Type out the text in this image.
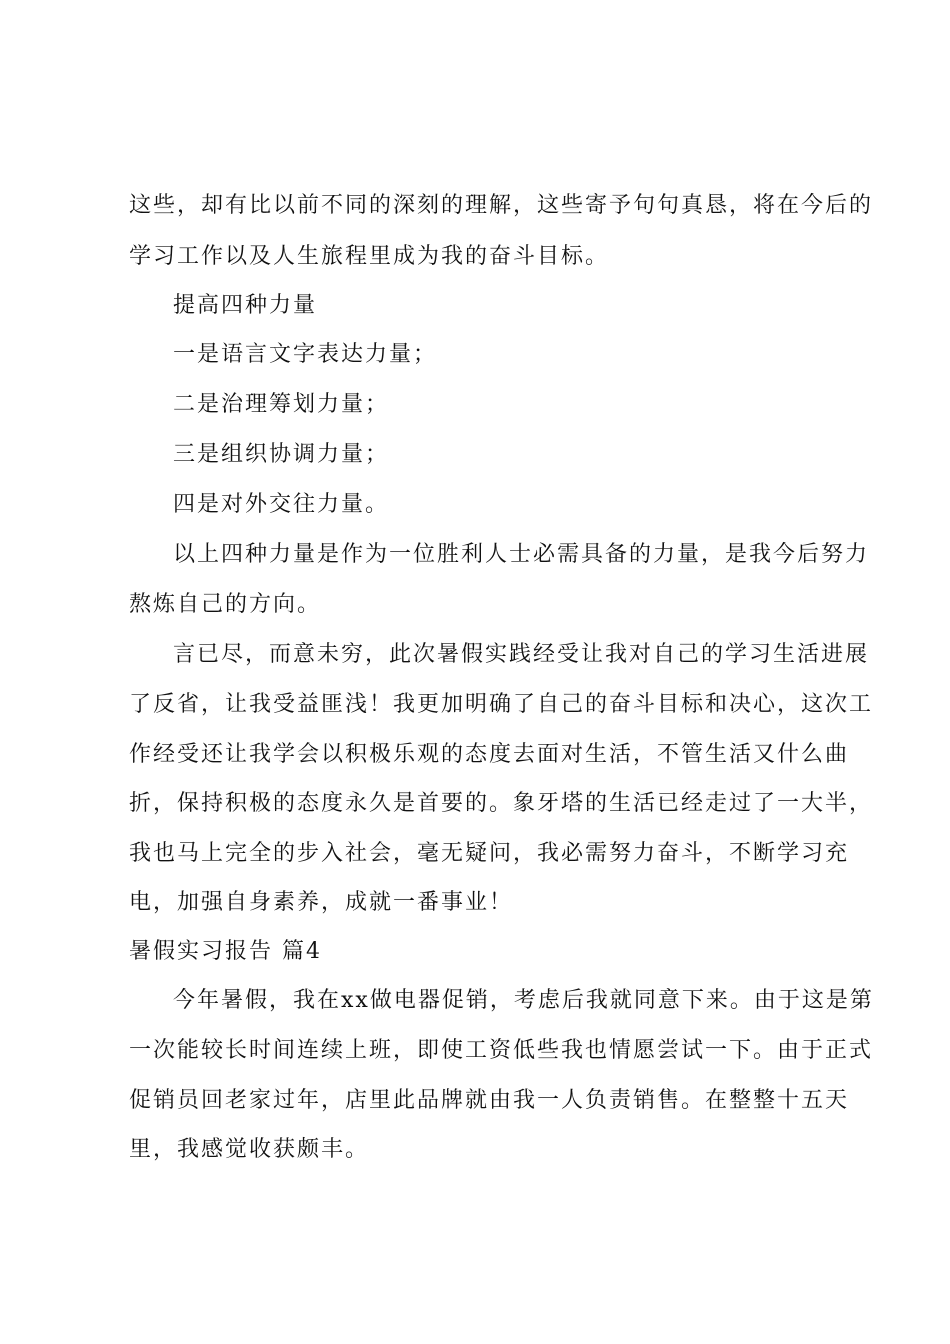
这些，却有比以前不同的深刻的理解，这些寄予句句真恳，将在今后的
学习工作以及人生旅程里成为我的奋斗目标。
提高四种力量
一是语言文字表达力量；
二是治理筹划力量；
三是组织协调力量；
四是对外交往力量。
以上四种力量是作为一位胜利人士必需具备的力量，是我今后努力
熬炼自己的方向。
言已尽，而意未穷，此次暑假实践经受让我对自己的学习生活进展
了反省，让我受益匪浅！我更加明确了自己的奋斗目标和决心，这次工
作经受还让我学会以积极乐观的态度去面对生活，不管生活又什么曲
折，保持积极的态度永久是首要的。象牙塔的生活已经走过了一大半，
我也马上完全的步入社会，毫无疑问，我必需努力奋斗，不断学习充
电，加强自身素养，成就一番事业！
暑假实习报告 篇4
今年暑假，我在xx做电器促销，考虑后我就同意下来。由于这是第
一次能较长时间连续上班，即使工资低些我也情愿尝试一下。由于正式
促销员回老家过年，店里此品牌就由我一人负责销售。在整整十五天
里，我感觉收获颇丰。
